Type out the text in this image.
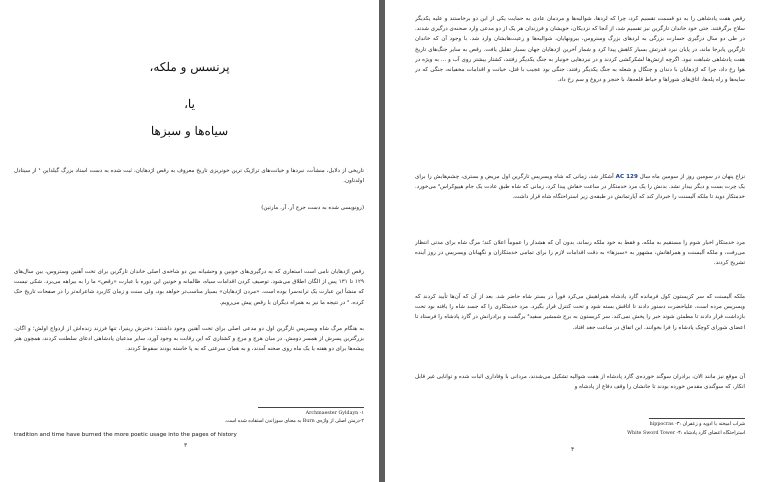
پرنسس و ملکه،
یا،
سیاه‌ها و سبزها
تاریخی از دلایل، منشأت، نبردها و خیانت‌های تراژیک ترین خونریزی تاریخ معروف به رقص اژدهایان، ثبت شده به دست استاد بزرگ گیلداین ¹ از سیتادل اولدتاون.
(رونویسی شده به دست جرج آر. آر. مارتین)
رقص اژدهایان نامی است استعاری که به درگیری‌های خونین و وحشیانه بین دو شاخه‌ی اصلی خاندان تارگرین برای تخت آهنین وستروس، بین سال‌های ۱۲۹ تا ۱۳۱ پس از الگان اطلاق می‌شود. توصیف کردن اقدامات سیاه، ظالمانه و خونین این دوره با عبارت «رقص» ما را به بیراهه می‌برد. شکی نیست که منشأ این عبارت یک ترانه‌سرا بوده است. «مردن اژدهایان» بسیار مناسب‌تر خواهد بود، ولی سنت و زمان کاربرد شاعرانه‌تر را در صفحات تاریخ حک کرده، ² در نتیجه ما نیز به همراه دیگران با رقص پیش می‌رویم.
به هنگام مرگ شاه ویسریس تارگرین اول دو مدعی اصلی برای تخت آهنین وجود داشتند: دخترش رینیرا، تنها فرزند زنده‌اش از ازدواج اولش؛ و اگان، بزرگترین پسرش از همسر دومش. در میان هرج و مرج و کشتاری که این رقابت به وجود آورد، سایر مدعیان پادشاهی ادعای سلطنت کردند، همچون هنر پیشه‌ها برای دو هفته یا یک ماه روی صحنه آمدند، و به همان سرعتی که به پا خاسته بودند سقوط کردند.
Archmaester Gyldayn -۱
۲-درمتن اصلی از واژه‌ی Burn به معنای سوزاندن استفاده شده است.
tradition and time have burned the more poetic usage into the pages of history
۳
رقص هفت پادشاهی را به دو قسمت تقسیم کرد، چرا که لردها، شوالیه‌ها و مردمان عادی به حمایت یکی از این دو برخاستند و علیه یکدیگر سلاح برگرفتند. حتی خود خاندان تارگرین نیز تقسیم شد، از آنجا که نزدیکان، خویشان و فرزندان هر یک از دو مدعی وارد صحنه‌ی درگیری شدند. در طی دو سال درگیری خسارت بزرگی به لردهای بزرگ وستروس، بیرونهایان، شوالیه‌ها و رعیت‌هایشان وارد شد. با وجود آن که خاندان تارگرین پابرجا ماند، در پایان نبرد قدرتش بسیار کاهش پیدا کرد و شمار آخرین اژدهایان جهان بسیار تقلیل یافت. رقص به سایر جنگ‌های تاریخ هفت پادشاهی شباهت نبود. اگرچه ارتش‌ها لشکرکشی کردند و در نبردهایی خونبار به جنگ یکدیگر رفتند، کشتار بیشتر روی آب و ... به ویژه در هوا رخ داد، چرا که اژدهایان با دندان و چنگال و شعله به جنگ یکدیگر رفتند. جنگی بود عجیب با قتل، خیانت و اقدامات مخفیانه، جنگی که در سایه‌ها و راه پله‌ها، اتاق‌های شوراها و حیاط قلعه‌ها، با خنجر و دروغ و سم رخ داد.
نزاع پنهان در سومین روز از سومین ماه سال 129 AC آشکار شد، زمانی که شاه ویسریس تارگرین اول مریض و بستری، چشم‌هایش را برای یک چرت بست و دیگر بیدار نشد. بدنش را یک مرد خدمتکار در ساعت خفاش پیدا کرد، زمانی که شاه طبق عادت یک جام هیپوکراس³ می‌خورد. خدمتکار دوید تا ملکه آلیسنت را خبردار کند که آپارتمانش در طبقه‌ی زیر استراحتگاه شاه قرار داشت.
مرد خدمتکار اخبار شوم را مستقیم به ملکه، و فقط به خود ملکه رساند، بدون آن که هشدار را عموماً اعلان کند؛ مرگ شاه برای مدتی انتظار می‌رفت، و ملکه آلیسنت و همراهانش، مشهور به «سبزها» به دقت اقدامات لازم را برای تمامی خدمتکاران و نگهبانان ویسریس در روز آینده تشریح کردند.
ملکه آلیسنت که سر کریستون کول فرمانده گارد پادشاه همراهیش می‌کرد فوراً در بستر شاه حاضر شد. بعد از آن که آن‌ها تأیید کردند که ویسریس مرده است، علیاحضرت دستور دادند تا اتاقش بسته شود و تحت کنترل قرار بگیرد. مرد خدمتکاری را که جسد شاه را یافته بود تحت بازداشت قرار دادند تا مطمئن شوند خبر را پخش نمی‌کند. سر کریستون به برج شمشیر سفید³ برگشت و برادرانش در گارد پادشاه را فرستاد تا اعضای شورای کوچک پادشاه را فرا بخوانند. این اتفاق در ساعت جغد افتاد.
آن موقع نیز مانند الان، برادران سوگند خورده‌ی گارد پادشاه از هفت شوالیه تشکیل می‌شدند، مردانی با وفاداری اثبات شده و توانایی غیر قابل انکار، که سوگندی مقدس خورده بودند تا جانشان را وقف دفاع از پادشاه و
hippocras -۳: شراب آمیخته با ادویه و زعفران
White Sword Tower -۴: استراحتگاه اعضای گارد پادشاه
۴
